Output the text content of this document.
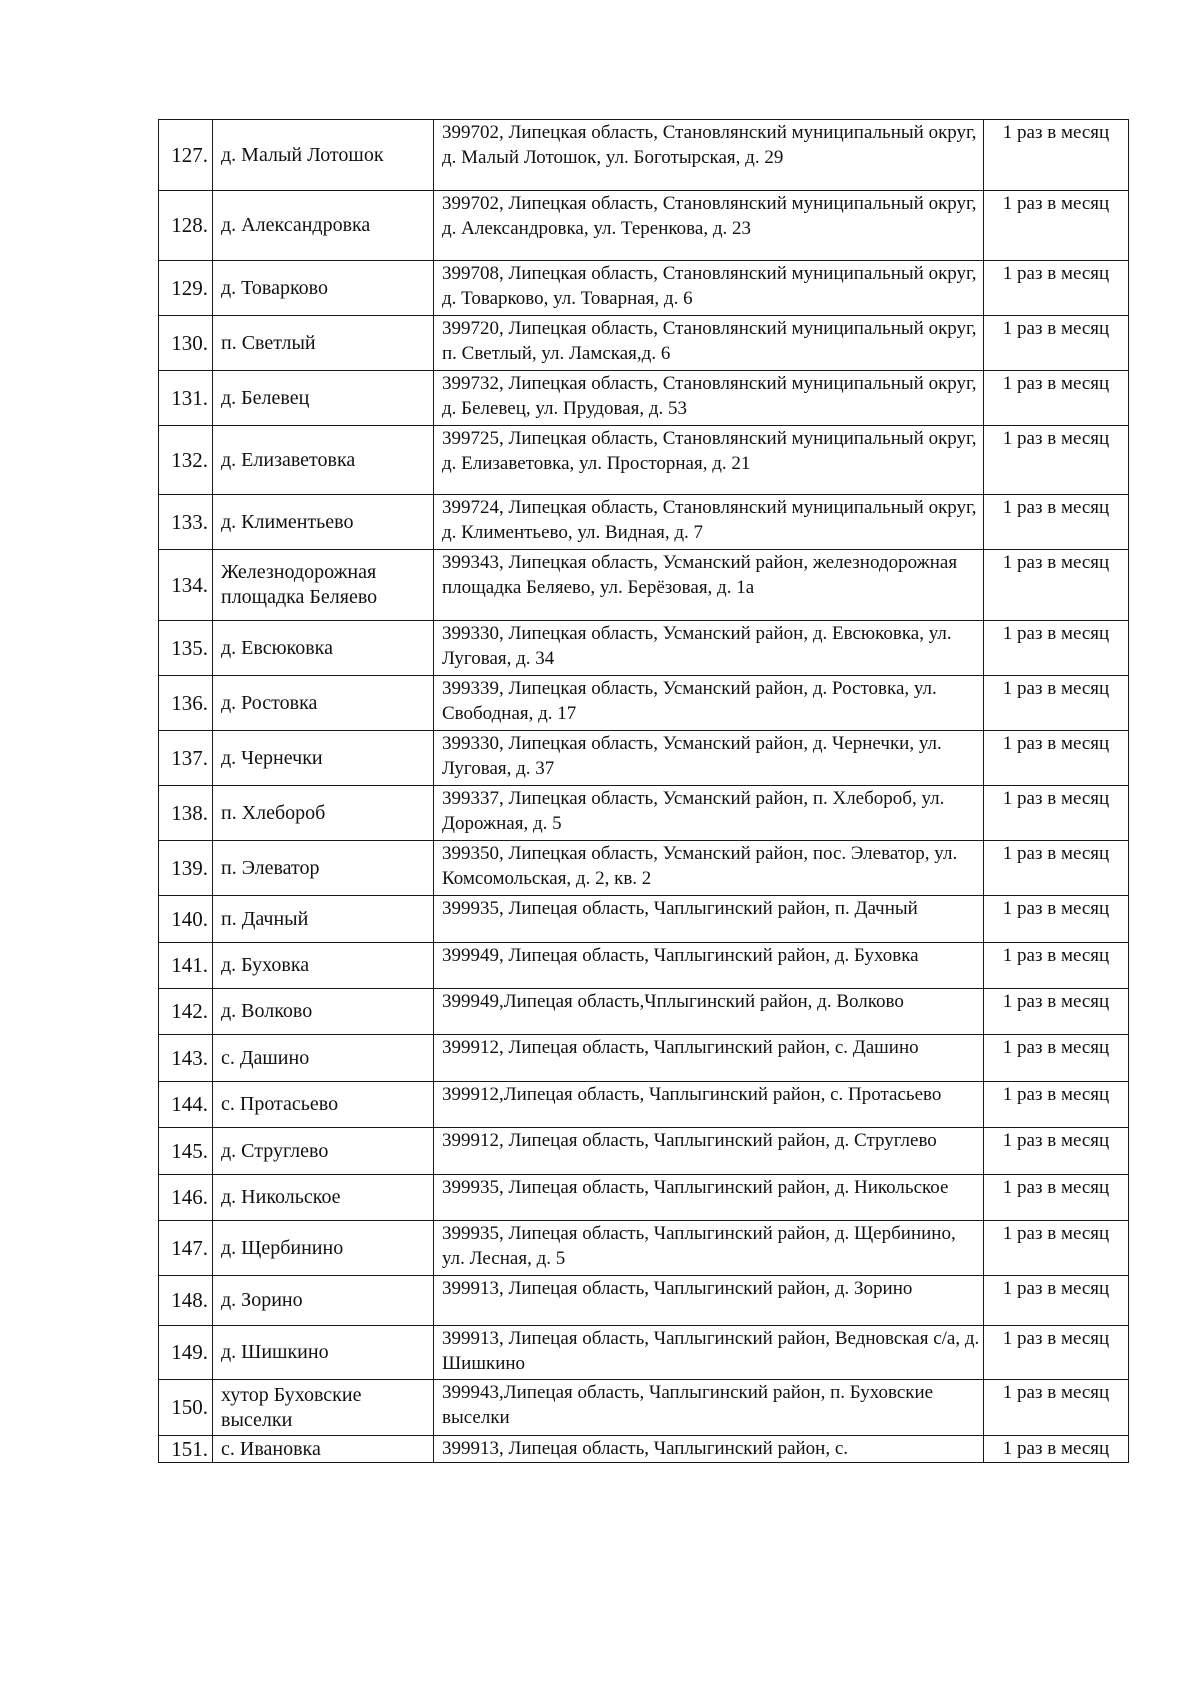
127.	д. Малый Лотошок	399702, Липецкая область, Становлянский муниципальный округ, д. Малый Лотошок, ул. Боготырская, д. 29	1 раз в месяц
128.	д. Александровка	399702, Липецкая область, Становлянский муниципальный округ, д. Александровка, ул. Теренкова, д. 23	1 раз в месяц
129.	д. Товарково	399708, Липецкая область, Становлянский муниципальный округ, д. Товарково, ул. Товарная, д. 6	1 раз в месяц
130.	п. Светлый	399720, Липецкая область, Становлянский муниципальный округ, п. Светлый, ул. Ламская,д. 6	1 раз в месяц
131.	д. Белевец	399732, Липецкая область, Становлянский муниципальный округ, д. Белевец, ул. Прудовая, д. 53	1 раз в месяц
132.	д. Елизаветовка	399725, Липецкая область, Становлянский муниципальный округ, д. Елизаветовка, ул. Просторная, д. 21	1 раз в месяц
133.	д. Климентьево	399724, Липецкая область, Становлянский муниципальный округ, д. Климентьево, ул. Видная, д. 7	1 раз в месяц
134.	Железнодорожная площадка Беляево	399343, Липецкая область, Усманский район, железнодорожная площадка Беляево, ул. Берёзовая, д. 1а	1 раз в месяц
135.	д. Евсюковка	399330, Липецкая область, Усманский район, д. Евсюковка, ул. Луговая, д. 34	1 раз в месяц
136.	д. Ростовка	399339, Липецкая область, Усманский район, д. Ростовка, ул. Свободная, д. 17	1 раз в месяц
137.	д. Чернечки	399330, Липецкая область, Усманский район, д. Чернечки, ул. Луговая, д. 37	1 раз в месяц
138.	п. Хлебороб	399337, Липецкая область, Усманский район, п. Хлебороб, ул. Дорожная, д. 5	1 раз в месяц
139.	п. Элеватор	399350, Липецкая область, Усманский район, пос. Элеватор, ул. Комсомольская, д. 2, кв. 2	1 раз в месяц
140.	п. Дачный	399935, Липецая область, Чаплыгинский район, п. Дачный	1 раз в месяц
141.	д. Буховка	399949, Липецая область, Чаплыгинский район, д. Буховка	1 раз в месяц
142.	д. Волково	399949,Липецая область,Чплыгинский район, д. Волково	1 раз в месяц
143.	с. Дашино	399912, Липецая область, Чаплыгинский район, с. Дашино	1 раз в месяц
144.	с. Протасьево	399912,Липецая область, Чаплыгинский район, с. Протасьево	1 раз в месяц
145.	д. Струглево	399912, Липецая область, Чаплыгинский район, д. Струглево	1 раз в месяц
146.	д. Никольское	399935, Липецая область, Чаплыгинский район, д. Никольское	1 раз в месяц
147.	д. Щербинино	399935, Липецая область, Чаплыгинский район, д. Щербинино, ул. Лесная, д. 5	1 раз в месяц
148.	д. Зорино	399913, Липецая область, Чаплыгинский район, д. Зорино	1 раз в месяц
149.	д. Шишкино	399913, Липецая область, Чаплыгинский район, Ведновская с/а, д. Шишкино	1 раз в месяц
150.	хутор Буховские выселки	399943,Липецая область, Чаплыгинский район, п. Буховские выселки	1 раз в месяц
151.	с. Ивановка	399913, Липецая область, Чаплыгинский район, с.	1 раз в месяц
